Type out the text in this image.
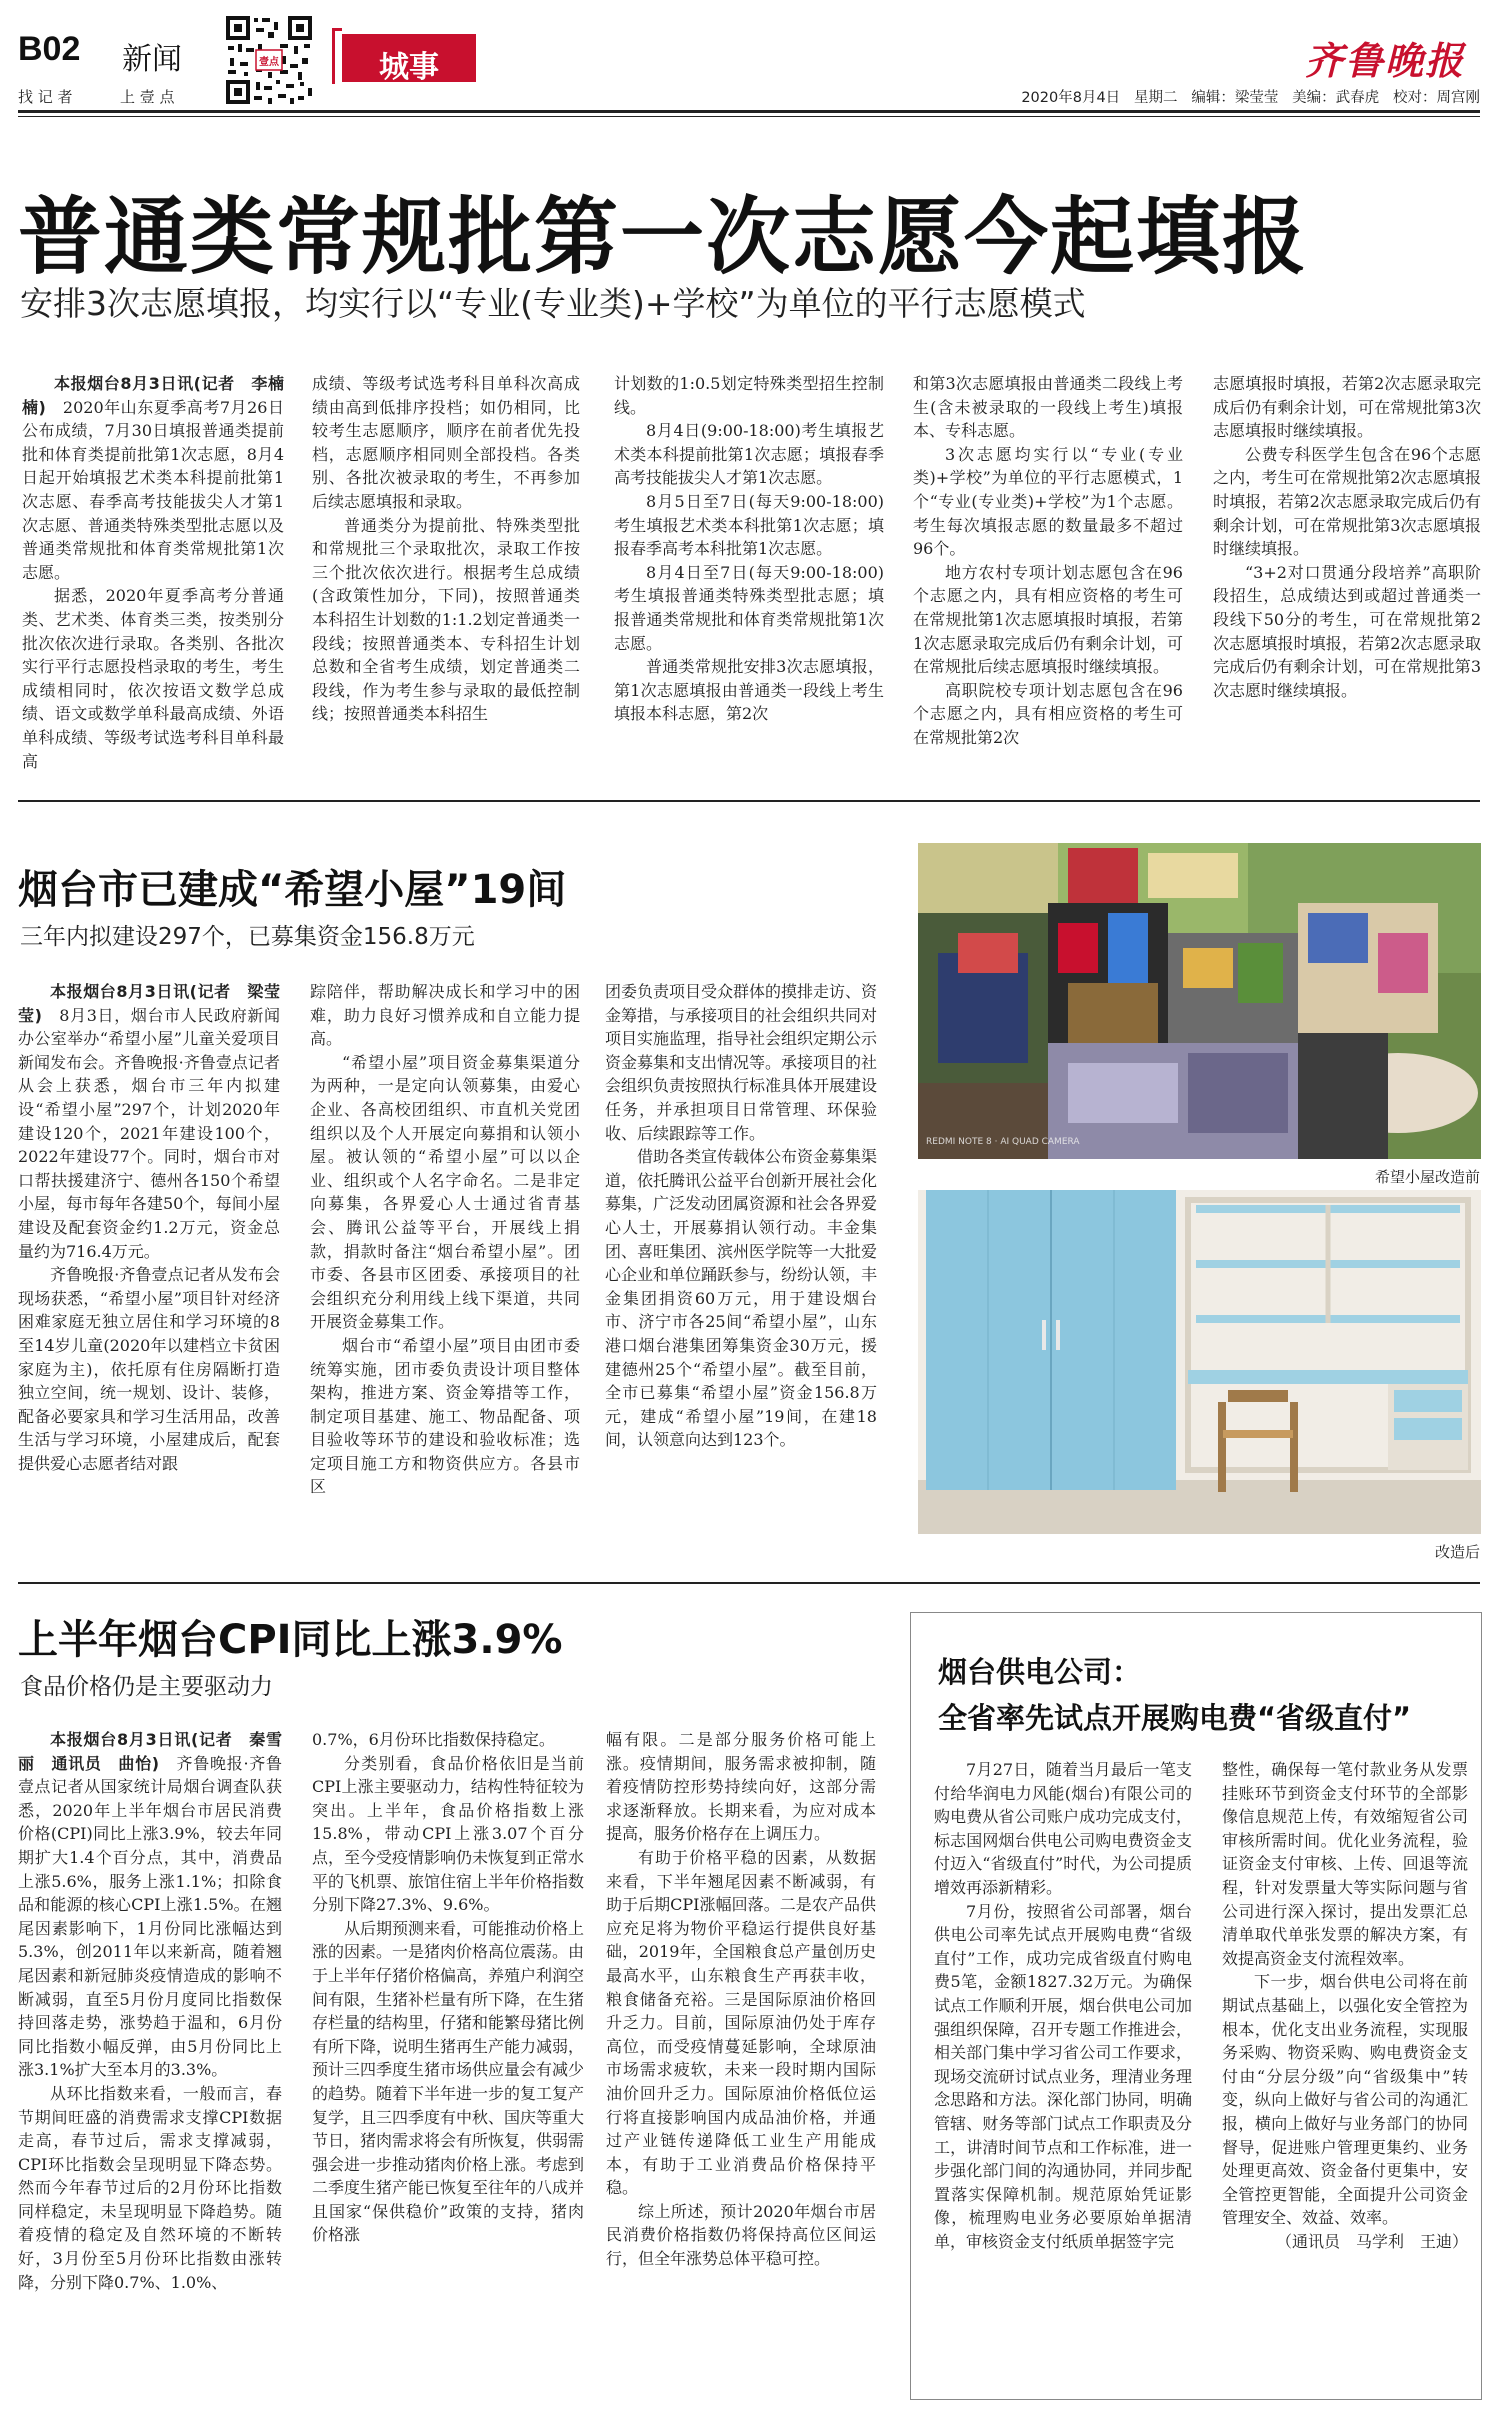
B02 新闻
找 记 者	上 壹 点
壹点	城事	齐鲁晚报
2020年8月4日 星期二 编辑：梁莹莹 美编：武春虎 校对：周宫刚
普通类常规批第一次志愿今起填报
安排3次志愿填报，均实行以“专业(专业类)+学校”为单位的平行志愿模式

本报烟台8月3日讯(记者　李楠楠)　2020年山东夏季高考7月26日公布成绩，7月30日填报普通类提前批和体育类提前批第1次志愿，8月4日起开始填报艺术类本科提前批第1次志愿、春季高考技能拔尖人才第1次志愿、普通类特殊类型批志愿以及普通类常规批和体育类常规批第1次志愿。

据悉，2020年夏季高考分普通类、艺术类、体育类三类，按类别分批次依次进行录取。各类别、各批次实行平行志愿投档录取的考生，考生成绩相同时，依次按语文数学总成绩、语文或数学单科最高成绩、外语单科成绩、等级考试选考科目单科最高

成绩、等级考试选考科目单科次高成绩由高到低排序投档；如仍相同，比较考生志愿顺序，顺序在前者优先投档，志愿顺序相同则全部投档。各类别、各批次被录取的考生，不再参加后续志愿填报和录取。

普通类分为提前批、特殊类型批和常规批三个录取批次，录取工作按三个批次依次进行。根据考生总成绩(含政策性加分，下同)，按照普通类本科招生计划数的1:1.2划定普通类一段线；按照普通类本、专科招生计划总数和全省考生成绩，划定普通类二段线，作为考生参与录取的最低控制线；按照普通类本科招生

计划数的1:0.5划定特殊类型招生控制线。

8月4日(9:00-18:00)考生填报艺术类本科提前批第1次志愿；填报春季高考技能拔尖人才第1次志愿。

8月5日至7日(每天9:00-18:00)考生填报艺术类本科批第1次志愿；填报春季高考本科批第1次志愿。

8月4日至7日(每天9:00-18:00)考生填报普通类特殊类型批志愿；填报普通类常规批和体育类常规批第1次志愿。

普通类常规批安排3次志愿填报，第1次志愿填报由普通类一段线上考生填报本科志愿，第2次

和第3次志愿填报由普通类二段线上考生(含未被录取的一段线上考生)填报本、专科志愿。

3次志愿均实行以“专业(专业类)+学校”为单位的平行志愿模式，1个“专业(专业类)+学校”为1个志愿。考生每次填报志愿的数量最多不超过96个。

地方农村专项计划志愿包含在96个志愿之内，具有相应资格的考生可在常规批第1次志愿填报时填报，若第1次志愿录取完成后仍有剩余计划，可在常规批后续志愿填报时继续填报。

高职院校专项计划志愿包含在96个志愿之内，具有相应资格的考生可在常规批第2次

志愿填报时填报，若第2次志愿录取完成后仍有剩余计划，可在常规批第3次志愿填报时继续填报。

公费专科医学生包含在96个志愿之内，考生可在常规批第2次志愿填报时填报，若第2次志愿录取完成后仍有剩余计划，可在常规批第3次志愿填报时继续填报。

“3+2对口贯通分段培养”高职阶段招生，总成绩达到或超过普通类一段线下50分的考生，可在常规批第2次志愿填报时填报，若第2次志愿录取完成后仍有剩余计划，可在常规批第3次志愿时继续填报。

烟台市已建成“希望小屋”19间
三年内拟建设297个，已募集资金156.8万元

本报烟台8月3日讯(记者　梁莹莹)　8月3日，烟台市人民政府新闻办公室举办“希望小屋”儿童关爱项目新闻发布会。齐鲁晚报·齐鲁壹点记者从会上获悉，烟台市三年内拟建设“希望小屋”297个，计划2020年建设120个，2021年建设100个，2022年建设77个。同时，烟台市对口帮扶援建济宁、德州各150个希望小屋，每市每年各建50个，每间小屋建设及配套资金约1.2万元，资金总量约为716.4万元。

齐鲁晚报·齐鲁壹点记者从发布会现场获悉，“希望小屋”项目针对经济困难家庭无独立居住和学习环境的8至14岁儿童(2020年以建档立卡贫困家庭为主)，依托原有住房隔断打造独立空间，统一规划、设计、装修，配备必要家具和学习生活用品，改善生活与学习环境，小屋建成后，配套提供爱心志愿者结对跟

踪陪伴，帮助解决成长和学习中的困难，助力良好习惯养成和自立能力提高。

“希望小屋”项目资金募集渠道分为两种，一是定向认领募集，由爱心企业、各高校团组织、市直机关党团组织以及个人开展定向募捐和认领小屋。被认领的“希望小屋”可以以企业、组织或个人名字命名。二是非定向募集，各界爱心人士通过省青基会、腾讯公益等平台，开展线上捐款，捐款时备注“烟台希望小屋”。团市委、各县市区团委、承接项目的社会组织充分利用线上线下渠道，共同开展资金募集工作。

烟台市“希望小屋”项目由团市委统筹实施，团市委负责设计项目整体架构，推进方案、资金筹措等工作，制定项目基建、施工、物品配备、项目验收等环节的建设和验收标准；选定项目施工方和物资供应方。各县市区

团委负责项目受众群体的摸排走访、资金筹措，与承接项目的社会组织共同对项目实施监理，指导社会组织定期公示资金募集和支出情况等。承接项目的社会组织负责按照执行标准具体开展建设任务，并承担项目日常管理、环保验收、后续跟踪等工作。

借助各类宣传载体公布资金募集渠道，依托腾讯公益平台创新开展社会化募集，广泛发动团属资源和社会各界爱心人士，开展募捐认领行动。丰金集团、喜旺集团、滨州医学院等一大批爱心企业和单位踊跃参与，纷纷认领，丰金集团捐资60万元，用于建设烟台市、济宁市各25间“希望小屋”，山东港口烟台港集团筹集资金30万元，援建德州25个“希望小屋”。截至目前，全市已募集“希望小屋”资金156.8万元，建成“希望小屋”19间，在建18间，认领意向达到123个。

REDMI NOTE 8 · AI QUAD CAMERA
希望小屋改造前
改造后
上半年烟台CPI同比上涨3.9%
食品价格仍是主要驱动力

本报烟台8月3日讯(记者　秦雪丽　通讯员　曲怡)　齐鲁晚报·齐鲁壹点记者从国家统计局烟台调查队获悉，2020年上半年烟台市居民消费价格(CPI)同比上涨3.9%，较去年同期扩大1.4个百分点，其中，消费品上涨5.6%，服务上涨1.1%；扣除食品和能源的核心CPI上涨1.5%。在翘尾因素影响下，1月份同比涨幅达到5.3%，创2011年以来新高，随着翘尾因素和新冠肺炎疫情造成的影响不断减弱，直至5月份月度同比指数保持回落走势，涨势趋于温和，6月份同比指数小幅反弹，由5月份同比上涨3.1%扩大至本月的3.3%。

从环比指数来看，一般而言，春节期间旺盛的消费需求支撑CPI数据走高，春节过后，需求支撑减弱，CPI环比指数会呈现明显下降态势。然而今年春节过后的2月份环比指数同样稳定，未呈现明显下降趋势。随着疫情的稳定及自然环境的不断转好，3月份至5月份环比指数由涨转降，分别下降0.7%、1.0%、

0.7%，6月份环比指数保持稳定。

分类别看，食品价格依旧是当前CPI上涨主要驱动力，结构性特征较为突出。上半年，食品价格指数上涨15.8%，带动CPI上涨3.07个百分点，至今受疫情影响仍未恢复到正常水平的飞机票、旅馆住宿上半年价格指数分别下降27.3%、9.6%。

从后期预测来看，可能推动价格上涨的因素。一是猪肉价格高位震荡。由于上半年仔猪价格偏高，养殖户利润空间有限，生猪补栏量有所下降，在生猪存栏量的结构里，仔猪和能繁母猪比例有所下降，说明生猪再生产能力减弱，预计三四季度生猪市场供应量会有减少的趋势。随着下半年进一步的复工复产复学，且三四季度有中秋、国庆等重大节日，猪肉需求将会有所恢复，供弱需强会进一步推动猪肉价格上涨。考虑到二季度生猪产能已恢复至往年的八成并且国家“保供稳价”政策的支持，猪肉价格涨

幅有限。二是部分服务价格可能上涨。疫情期间，服务需求被抑制，随着疫情防控形势持续向好，这部分需求逐渐释放。长期来看，为应对成本提高，服务价格存在上调压力。

有助于价格平稳的因素，从数据来看，下半年翘尾因素不断减弱，有助于后期CPI涨幅回落。二是农产品供应充足将为物价平稳运行提供良好基础，2019年，全国粮食总产量创历史最高水平，山东粮食生产再获丰收，粮食储备充裕。三是国际原油价格回升乏力。目前，国际原油仍处于库存高位，而受疫情蔓延影响，全球原油市场需求疲软，未来一段时期内国际油价回升乏力。国际原油价格低位运行将直接影响国内成品油价格，并通过产业链传递降低工业生产用能成本，有助于工业消费品价格保持平稳。

综上所述，预计2020年烟台市居民消费价格指数仍将保持高位区间运行，但全年涨势总体平稳可控。

烟台供电公司：
全省率先试点开展购电费“省级直付”

7月27日，随着当月最后一笔支付给华润电力风能(烟台)有限公司的购电费从省公司账户成功完成支付，标志国网烟台供电公司购电费资金支付迈入“省级直付”时代，为公司提质增效再添新精彩。

7月份，按照省公司部署，烟台供电公司率先试点开展购电费“省级直付”工作，成功完成省级直付购电费5笔，金额1827.32万元。为确保试点工作顺利开展，烟台供电公司加强组织保障，召开专题工作推进会，相关部门集中学习省公司工作要求，现场交流研讨试点业务，理清业务理念思路和方法。深化部门协同，明确管辖、财务等部门试点工作职责及分工，讲清时间节点和工作标准，进一步强化部门间的沟通协同，并同步配置落实保障机制。规范原始凭证影像，梳理购电业务必要原始单据清单，审核资金支付纸质单据签字完

整性，确保每一笔付款业务从发票挂账环节到资金支付环节的全部影像信息规范上传，有效缩短省公司审核所需时间。优化业务流程，验证资金支付审核、上传、回退等流程，针对发票量大等实际问题与省公司进行深入探讨，提出发票汇总清单取代单张发票的解决方案，有效提高资金支付流程效率。

下一步，烟台供电公司将在前期试点基础上，以强化安全管控为根本，优化支出业务流程，实现服务采购、物资采购、购电费资金支付由“分层分级”向“省级集中”转变，纵向上做好与省公司的沟通汇报，横向上做好与业务部门的协同督导，促进账户管理更集约、业务处理更高效、资金备付更集中，安全管控更智能，全面提升公司资金管理安全、效益、效率。

（通讯员　马学利　王迪）
